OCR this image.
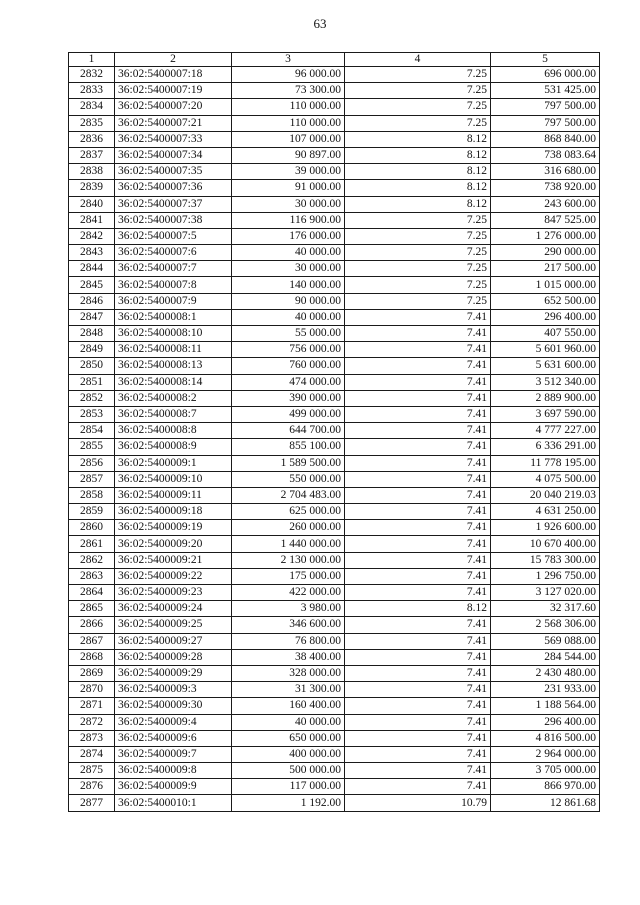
63
1	2	3	4	5
2832	36:02:5400007:18	96 000.00	7.25	696 000.00
2833	36:02:5400007:19	73 300.00	7.25	531 425.00
2834	36:02:5400007:20	110 000.00	7.25	797 500.00
2835	36:02:5400007:21	110 000.00	7.25	797 500.00
2836	36:02:5400007:33	107 000.00	8.12	868 840.00
2837	36:02:5400007:34	90 897.00	8.12	738 083.64
2838	36:02:5400007:35	39 000.00	8.12	316 680.00
2839	36:02:5400007:36	91 000.00	8.12	738 920.00
2840	36:02:5400007:37	30 000.00	8.12	243 600.00
2841	36:02:5400007:38	116 900.00	7.25	847 525.00
2842	36:02:5400007:5	176 000.00	7.25	1 276 000.00
2843	36:02:5400007:6	40 000.00	7.25	290 000.00
2844	36:02:5400007:7	30 000.00	7.25	217 500.00
2845	36:02:5400007:8	140 000.00	7.25	1 015 000.00
2846	36:02:5400007:9	90 000.00	7.25	652 500.00
2847	36:02:5400008:1	40 000.00	7.41	296 400.00
2848	36:02:5400008:10	55 000.00	7.41	407 550.00
2849	36:02:5400008:11	756 000.00	7.41	5 601 960.00
2850	36:02:5400008:13	760 000.00	7.41	5 631 600.00
2851	36:02:5400008:14	474 000.00	7.41	3 512 340.00
2852	36:02:5400008:2	390 000.00	7.41	2 889 900.00
2853	36:02:5400008:7	499 000.00	7.41	3 697 590.00
2854	36:02:5400008:8	644 700.00	7.41	4 777 227.00
2855	36:02:5400008:9	855 100.00	7.41	6 336 291.00
2856	36:02:5400009:1	1 589 500.00	7.41	11 778 195.00
2857	36:02:5400009:10	550 000.00	7.41	4 075 500.00
2858	36:02:5400009:11	2 704 483.00	7.41	20 040 219.03
2859	36:02:5400009:18	625 000.00	7.41	4 631 250.00
2860	36:02:5400009:19	260 000.00	7.41	1 926 600.00
2861	36:02:5400009:20	1 440 000.00	7.41	10 670 400.00
2862	36:02:5400009:21	2 130 000.00	7.41	15 783 300.00
2863	36:02:5400009:22	175 000.00	7.41	1 296 750.00
2864	36:02:5400009:23	422 000.00	7.41	3 127 020.00
2865	36:02:5400009:24	3 980.00	8.12	32 317.60
2866	36:02:5400009:25	346 600.00	7.41	2 568 306.00
2867	36:02:5400009:27	76 800.00	7.41	569 088.00
2868	36:02:5400009:28	38 400.00	7.41	284 544.00
2869	36:02:5400009:29	328 000.00	7.41	2 430 480.00
2870	36:02:5400009:3	31 300.00	7.41	231 933.00
2871	36:02:5400009:30	160 400.00	7.41	1 188 564.00
2872	36:02:5400009:4	40 000.00	7.41	296 400.00
2873	36:02:5400009:6	650 000.00	7.41	4 816 500.00
2874	36:02:5400009:7	400 000.00	7.41	2 964 000.00
2875	36:02:5400009:8	500 000.00	7.41	3 705 000.00
2876	36:02:5400009:9	117 000.00	7.41	866 970.00
2877	36:02:5400010:1	1 192.00	10.79	12 861.68
